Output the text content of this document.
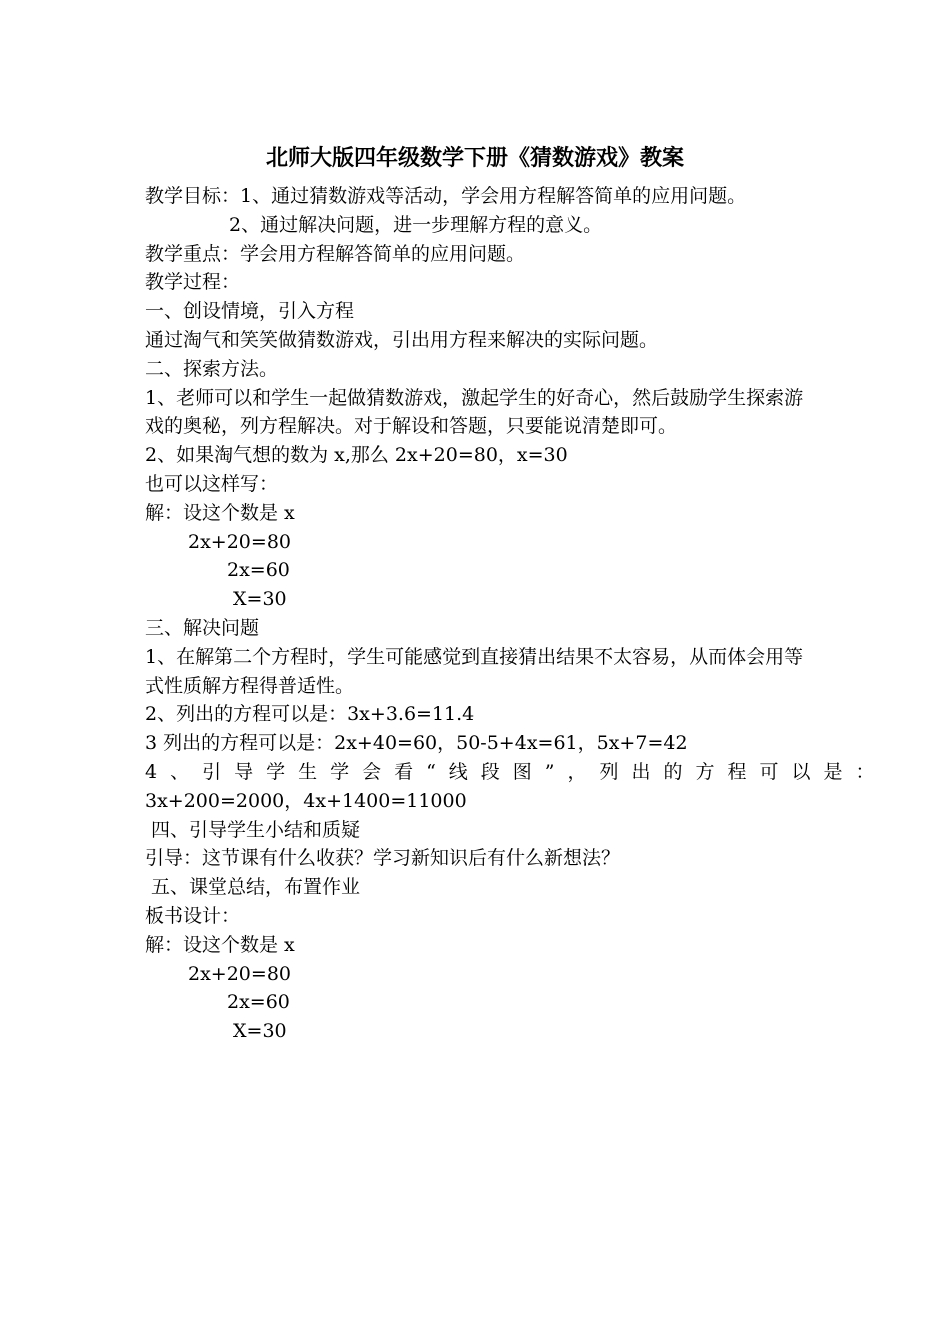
北师大版四年级数学下册《猜数游戏》教案
教学目标：1、通过猜数游戏等活动，学会用方程解答简单的应用问题。
2、通过解决问题，进一步理解方程的意义。
教学重点：学会用方程解答简单的应用问题。
教学过程：
一、创设情境，引入方程
通过淘气和笑笑做猜数游戏，引出用方程来解决的实际问题。
二、探索方法。
1、老师可以和学生一起做猜数游戏，激起学生的好奇心，然后鼓励学生探索游戏的奥秘，列方程解决。对于解设和答题，只要能说清楚即可。
2、如果淘气想的数为 x,那么 2x+20=80，x=30
也可以这样写：
解：设这个数是 x
2x+20=80
2x=60
X=30
三、解决问题
1、在解第二个方程时，学生可能感觉到直接猜出结果不太容易，从而体会用等式性质解方程得普适性。
2、列出的方程可以是：3x+3.6=11.4
3 列出的方程可以是：2x+40=60，50-5+4x=61，5x+7=42
4、引导学生学会看“线段图”，列出的方程可以是：
3x+200=2000，4x+1400=11000
四、引导学生小结和质疑
引导：这节课有什么收获？学习新知识后有什么新想法？
五、课堂总结，布置作业
板书设计：
解：设这个数是 x
2x+20=80
2x=60
X=30
